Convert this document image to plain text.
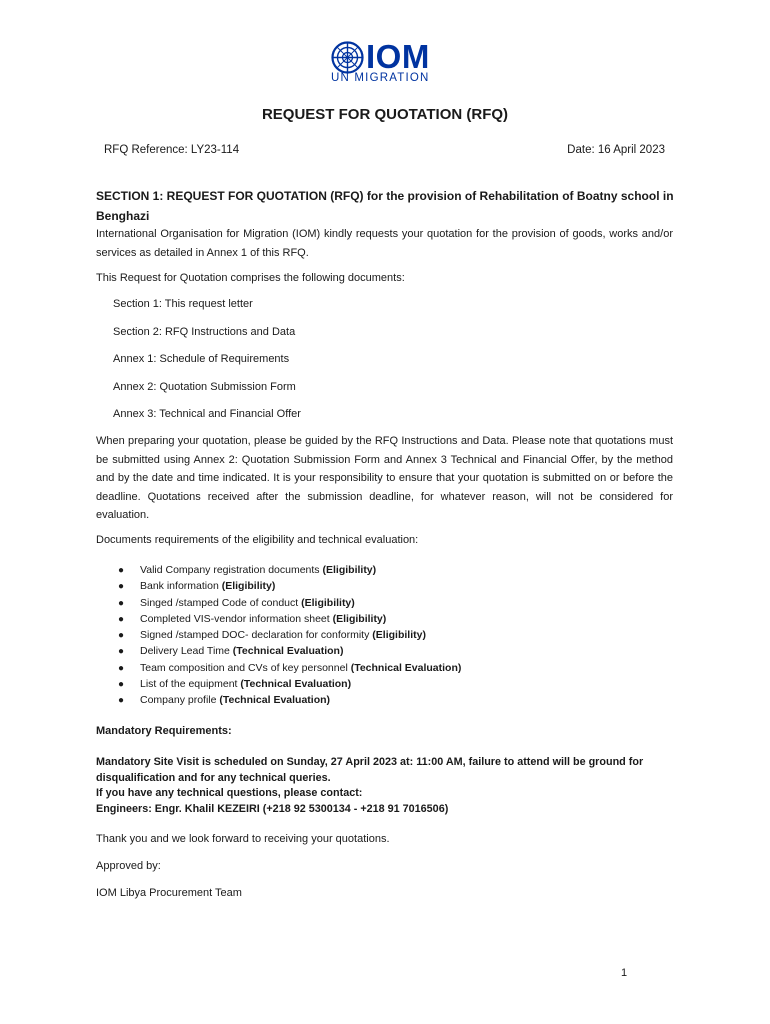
IOM
UN MIGRATION
REQUEST FOR QUOTATION (RFQ)
RFQ Reference: LY23-114	Date: 16 April 2023
SECTION 1: REQUEST FOR QUOTATION (RFQ) for the provision of Rehabilitation of Boatny school in Benghazi
International Organisation for Migration (IOM) kindly requests your quotation for the provision of goods, works and/or services as detailed in Annex 1 of this RFQ.
This Request for Quotation comprises the following documents:
Section 1: This request letter
Section 2: RFQ Instructions and Data
Annex 1: Schedule of Requirements
Annex 2: Quotation Submission Form
Annex 3: Technical and Financial Offer
When preparing your quotation, please be guided by the RFQ Instructions and Data. Please note that quotations must be submitted using Annex 2: Quotation Submission Form and Annex 3 Technical and Financial Offer, by the method and by the date and time indicated. It is your responsibility to ensure that your quotation is submitted on or before the deadline. Quotations received after the submission deadline, for whatever reason, will not be considered for evaluation.
Documents requirements of the eligibility and technical evaluation:
● Valid Company registration documents (Eligibility)
● Bank information (Eligibility)
● Singed /stamped Code of conduct (Eligibility)
● Completed VIS-vendor information sheet (Eligibility)
● Signed /stamped DOC- declaration for conformity (Eligibility)
● Delivery Lead Time (Technical Evaluation)
● Team composition and CVs of key personnel (Technical Evaluation)
● List of the equipment (Technical Evaluation)
● Company profile (Technical Evaluation)
Mandatory Requirements:
Mandatory Site Visit is scheduled on Sunday, 27 April 2023 at: 11:00 AM, failure to attend will be ground for
disqualification and for any technical queries.
If you have any technical questions, please contact:
Engineers: Engr. Khalil KEZEIRI (+218 92 5300134 - +218 91 7016506)
Thank you and we look forward to receiving your quotations.
Approved by:
IOM Libya Procurement Team
1
